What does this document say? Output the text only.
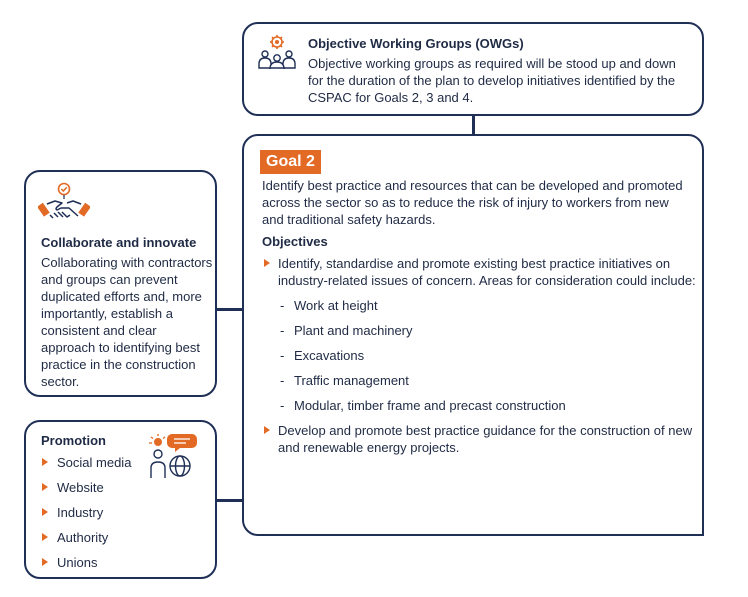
Objective Working Groups (OWGs)
Objective working groups as required will be stood up and down for the duration of the plan to develop initiatives identified by the CSPAC for Goals 2, 3 and 4.
Goal 2
Identify best practice and resources that can be developed and promoted across the sector so as to reduce the risk of injury to workers from new and traditional safety hazards.
Objectives
Identify, standardise and promote existing best practice initiatives on industry-related issues of concern. Areas for consideration could include:
- Work at height
- Plant and machinery
- Excavations
- Traffic management
- Modular, timber frame and precast construction
Develop and promote best practice guidance for the construction of new and renewable energy projects.
Collaborate and innovate
Collaborating with contractors and groups can prevent duplicated efforts and, more importantly, establish a consistent and clear approach to identifying best practice in the construction sector.
Promotion
Social media
Website
Industry
Authority
Unions
